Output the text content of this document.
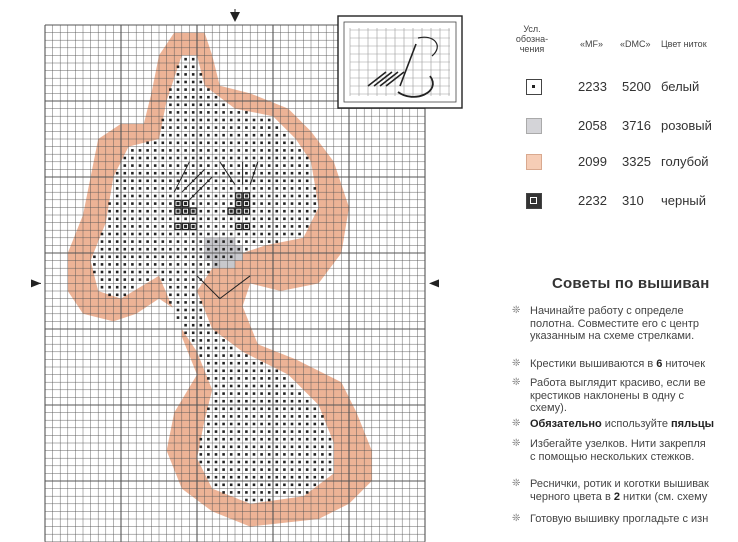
Усл.
обозна-
чения	«MF» «DMC» Цвет ниток
2233 5200 белый
2058 3716 розовый
2099 3325 голубой
2232 310 черный
Советы по вышиван
❊ Начинайте работу с определе
полотна. Совместите его с центр
указанным на схеме стрелками.
❊ Крестики вышиваются в 6 ниточек
❊ Работа выглядит красиво, если ве
крестиков наклонены в одну с
схему).
❊ Обязательно используйте пяльцы
❊ Избегайте узелков. Нити закрепля
с помощью нескольких стежков.
❊ Реснички, ротик и коготки вышивак
черного цвета в 2 нитки (см. схему
❊ Готовую вышивку прогладьте с изн
